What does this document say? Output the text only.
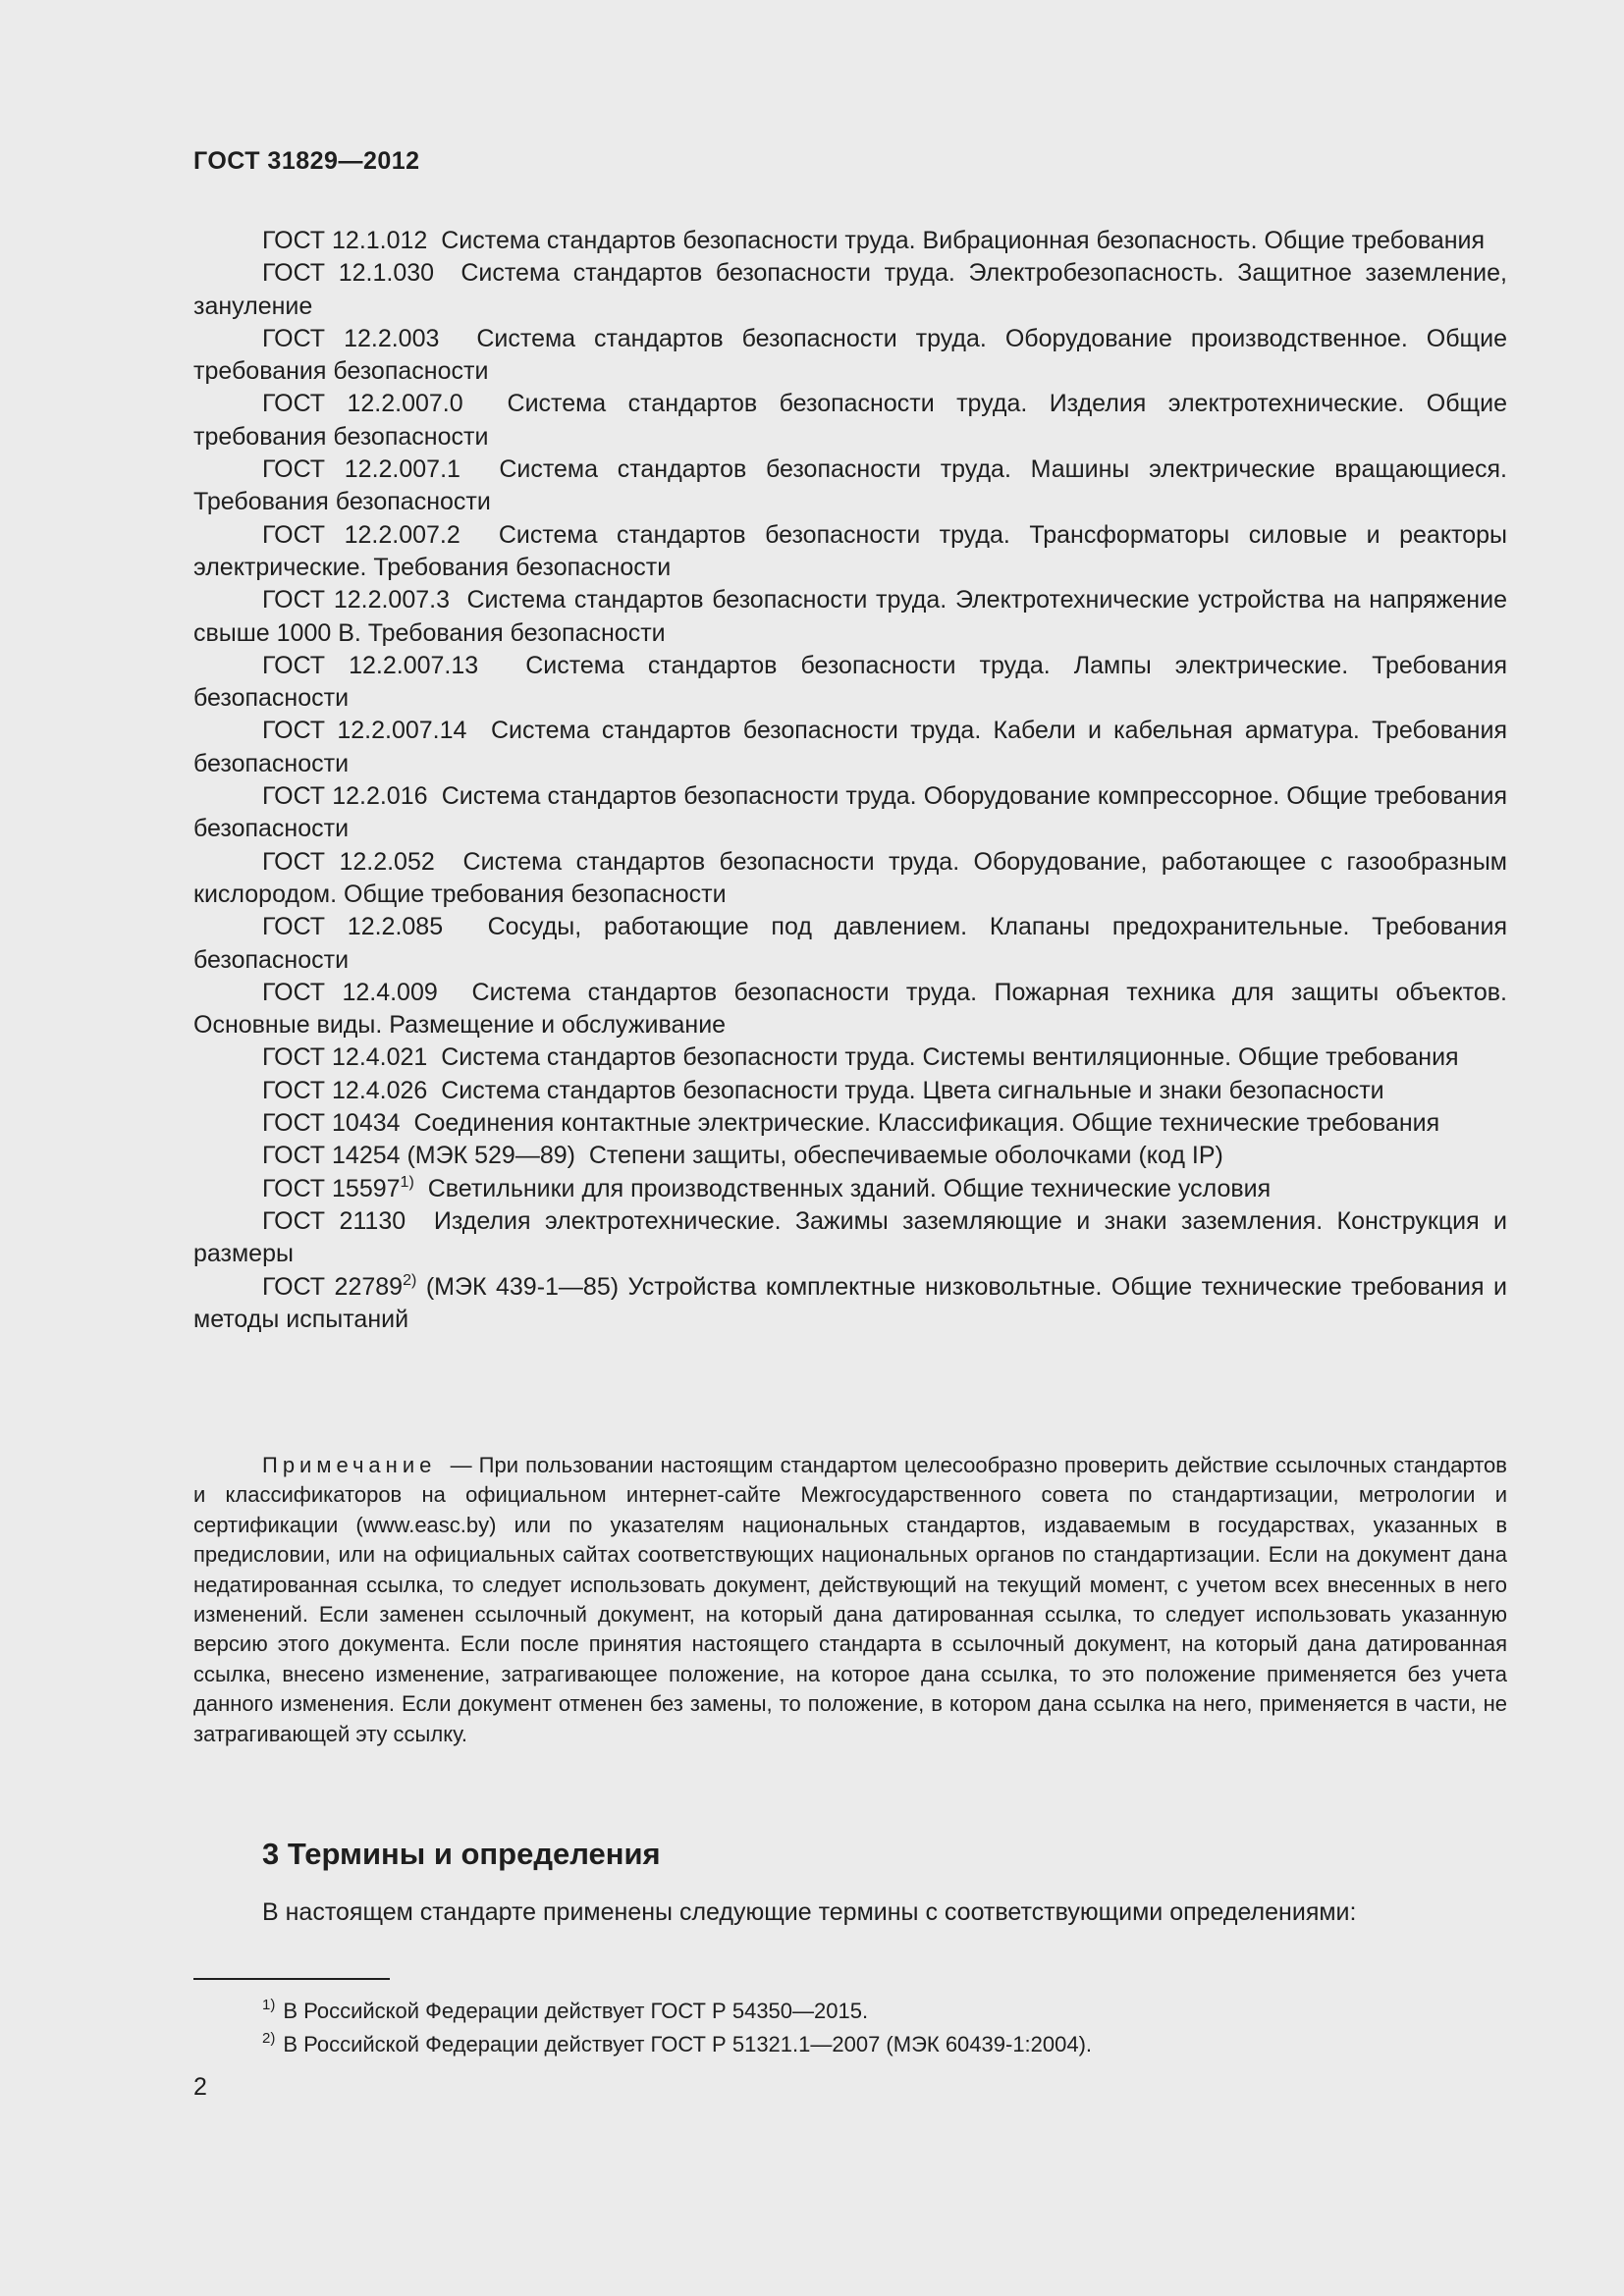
ГОСТ 31829—2012

ГОСТ 12.1.012 Система стандартов безопасности труда. Вибрационная безопасность. Общие требования

ГОСТ 12.1.030 Система стандартов безопасности труда. Электробезопасность. Защитное заземление, зануление

ГОСТ 12.2.003 Система стандартов безопасности труда. Оборудование производственное. Общие требования безопасности

ГОСТ 12.2.007.0 Система стандартов безопасности труда. Изделия электротехнические. Общие требования безопасности

ГОСТ 12.2.007.1 Система стандартов безопасности труда. Машины электрические вращающиеся. Требования безопасности

ГОСТ 12.2.007.2 Система стандартов безопасности труда. Трансформаторы силовые и реакторы электрические. Требования безопасности

ГОСТ 12.2.007.3 Система стандартов безопасности труда. Электротехнические устройства на напряжение свыше 1000 В. Требования безопасности

ГОСТ 12.2.007.13 Система стандартов безопасности труда. Лампы электрические. Требования безопасности

ГОСТ 12.2.007.14 Система стандартов безопасности труда. Кабели и кабельная арматура. Требования безопасности

ГОСТ 12.2.016 Система стандартов безопасности труда. Оборудование компрессорное. Общие требования безопасности

ГОСТ 12.2.052 Система стандартов безопасности труда. Оборудование, работающее с газообразным кислородом. Общие требования безопасности

ГОСТ 12.2.085 Сосуды, работающие под давлением. Клапаны предохранительные. Требования безопасности

ГОСТ 12.4.009 Система стандартов безопасности труда. Пожарная техника для защиты объектов. Основные виды. Размещение и обслуживание

ГОСТ 12.4.021 Система стандартов безопасности труда. Системы вентиляционные. Общие требования

ГОСТ 12.4.026 Система стандартов безопасности труда. Цвета сигнальные и знаки безопасности

ГОСТ 10434 Соединения контактные электрические. Классификация. Общие технические требования

ГОСТ 14254 (МЭК 529—89) Степени защиты, обеспечиваемые оболочками (код IP)

ГОСТ 15597$^{1)}$ Светильники для производственных зданий. Общие технические условия

ГОСТ 21130 Изделия электротехнические. Зажимы заземляющие и знаки заземления. Конструкция и размеры

ГОСТ 22789$^{2)}$ (МЭК 439-1—85) Устройства комплектные низковольтные. Общие технические требования и методы испытаний

Примечание — При пользовании настоящим стандартом целесообразно проверить действие ссылочных стандартов и классификаторов на официальном интернет-сайте Межгосударственного совета по стандартизации, метрологии и сертификации (www.easc.by) или по указателям национальных стандартов, издаваемым в государствах, указанных в предисловии, или на официальных сайтах соответствующих национальных органов по стандартизации. Если на документ дана недатированная ссылка, то следует использовать документ, действующий на текущий момент, с учетом всех внесенных в него изменений. Если заменен ссылочный документ, на который дана датированная ссылка, то следует использовать указанную версию этого документа. Если после принятия настоящего стандарта в ссылочный документ, на который дана датированная ссылка, внесено изменение, затрагивающее положение, на которое дана ссылка, то это положение применяется без учета данного изменения. Если документ отменен без замены, то положение, в котором дана ссылка на него, применяется в части, не затрагивающей эту ссылку.

3 Термины и определения

В настоящем стандарте применены следующие термины с соответствующими определениями:

$^{1)}$ В Российской Федерации действует ГОСТ Р 54350—2015.

$^{2)}$ В Российской Федерации действует ГОСТ Р 51321.1—2007 (МЭК 60439-1:2004).

2
